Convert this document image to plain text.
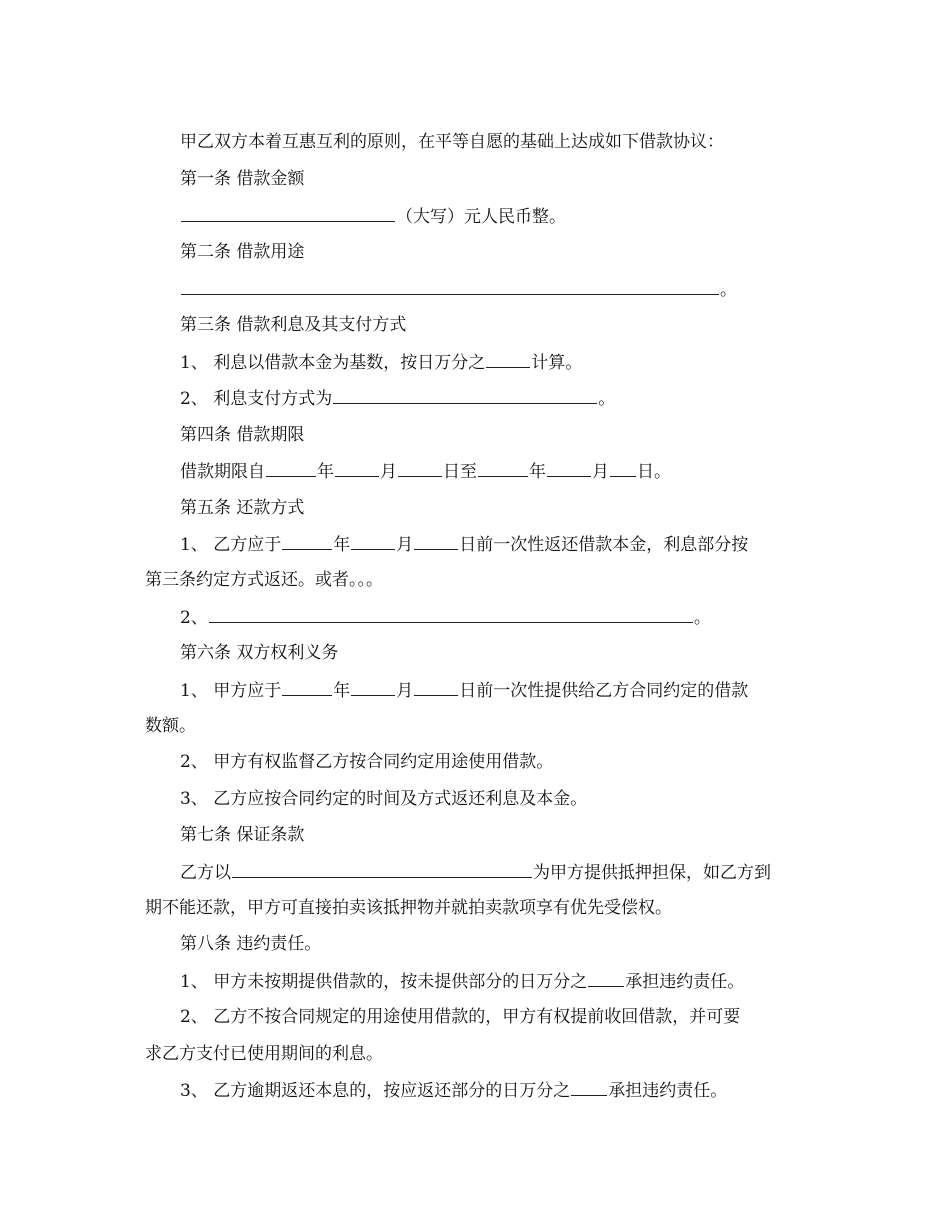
甲乙双方本着互惠互利的原则，在平等自愿的基础上达成如下借款协议：
第一条 借款金额
（大写）元人民币整。
第二条 借款用途
。
第三条 借款利息及其支付方式
1、 利息以借款本金为基数，按日万分之	计算。
2、 利息支付方式为	。
第四条 借款期限
借款期限自	年	月	日至	年	月 日。
第五条 还款方式
1、 乙方应于	年	月	日前一次性返还借款本金，利息部分按
第三条约定方式返还。或者。。。
2、	。
第六条 双方权利义务
1、 甲方应于	年	月	日前一次性提供给乙方合同约定的借款
数额。
2、 甲方有权监督乙方按合同约定用途使用借款。
3、 乙方应按合同约定的时间及方式返还利息及本金。
第七条 保证条款
乙方以	为甲方提供抵押担保，如乙方到
期不能还款，甲方可直接拍卖该抵押物并就拍卖款项享有优先受偿权。
第八条 违约责任。
1、 甲方未按期提供借款的，按未提供部分的日万分之 承担违约责任。
2、 乙方不按合同规定的用途使用借款的，甲方有权提前收回借款，并可要
求乙方支付已使用期间的利息。
3、 乙方逾期返还本息的，按应返还部分的日万分之 承担违约责任。
